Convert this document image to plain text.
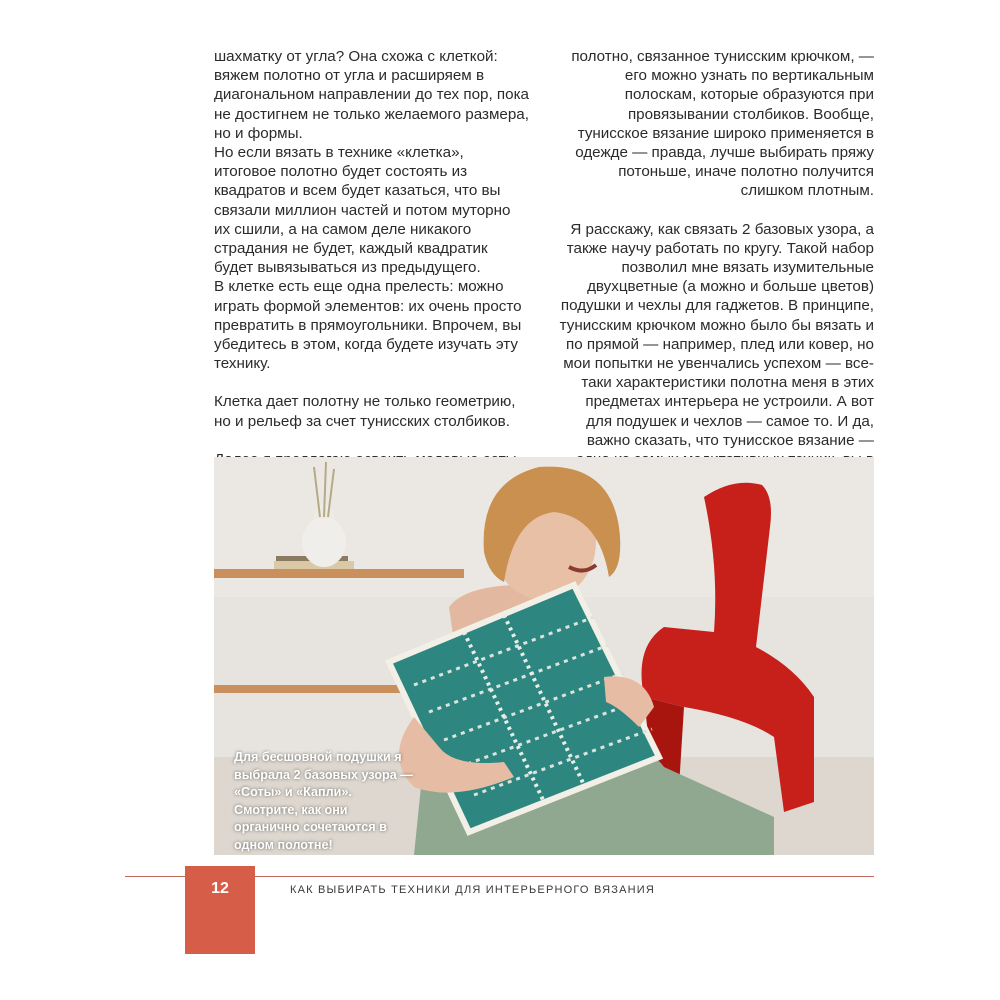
шахматку от угла? Она схожа с клеткой: вяжем полотно от угла и расширяем в диагональном направлении до тех пор, пока не достигнем не только желаемого размера, но и формы.

Но если вязать в технике «клетка», итоговое полотно будет состоять из квадратов и всем будет казаться, что вы связали миллион частей и потом муторно их сшили, а на самом деле никакого страдания не будет, каждый квадратик будет вывязываться из предыдущего.

В клетке есть еще одна прелесть: можно играть формой элементов: их очень просто превратить в прямоугольники. Впрочем, вы убедитесь в этом, когда будете изучать эту технику.

Клетка дает полотну не только геометрию, но и рельеф за счет тунисских столбиков.

полотно, связанное тунисским крючком, — его можно узнать по вертикальным полоскам, которые образуются при провязывании столбиков. Вообще, тунисское вязание широко применяется в одежде — правда, лучше выбирать пряжу потоньше, иначе полотно получится слишком плотным.

Я расскажу, как связать 2 базовых узора, а также научу работать по кругу. Такой набор позволил мне вязать изумительные двухцветные (а можно и больше цветов) подушки и чехлы для гаджетов. В принципе, тунисским крючком можно было бы вязать и по прямой — например, плед или ковер, но мои попытки не увенчались успехом — все-таки характеристики полотна меня в этих предметах интерьера не устроили. А вот для подушек и чехлов — самое то. И да, важно сказать, что тунисское вязание —

Для бесшовной подушки я выбрала 2 базовых узора — «Соты» и «Капли». Смотрите, как они органично сочетаются в одном полотне!
12	КАК ВЫБИРАТЬ ТЕХНИКИ ДЛЯ ИНТЕРЬЕРНОГО ВЯЗАНИЯ
